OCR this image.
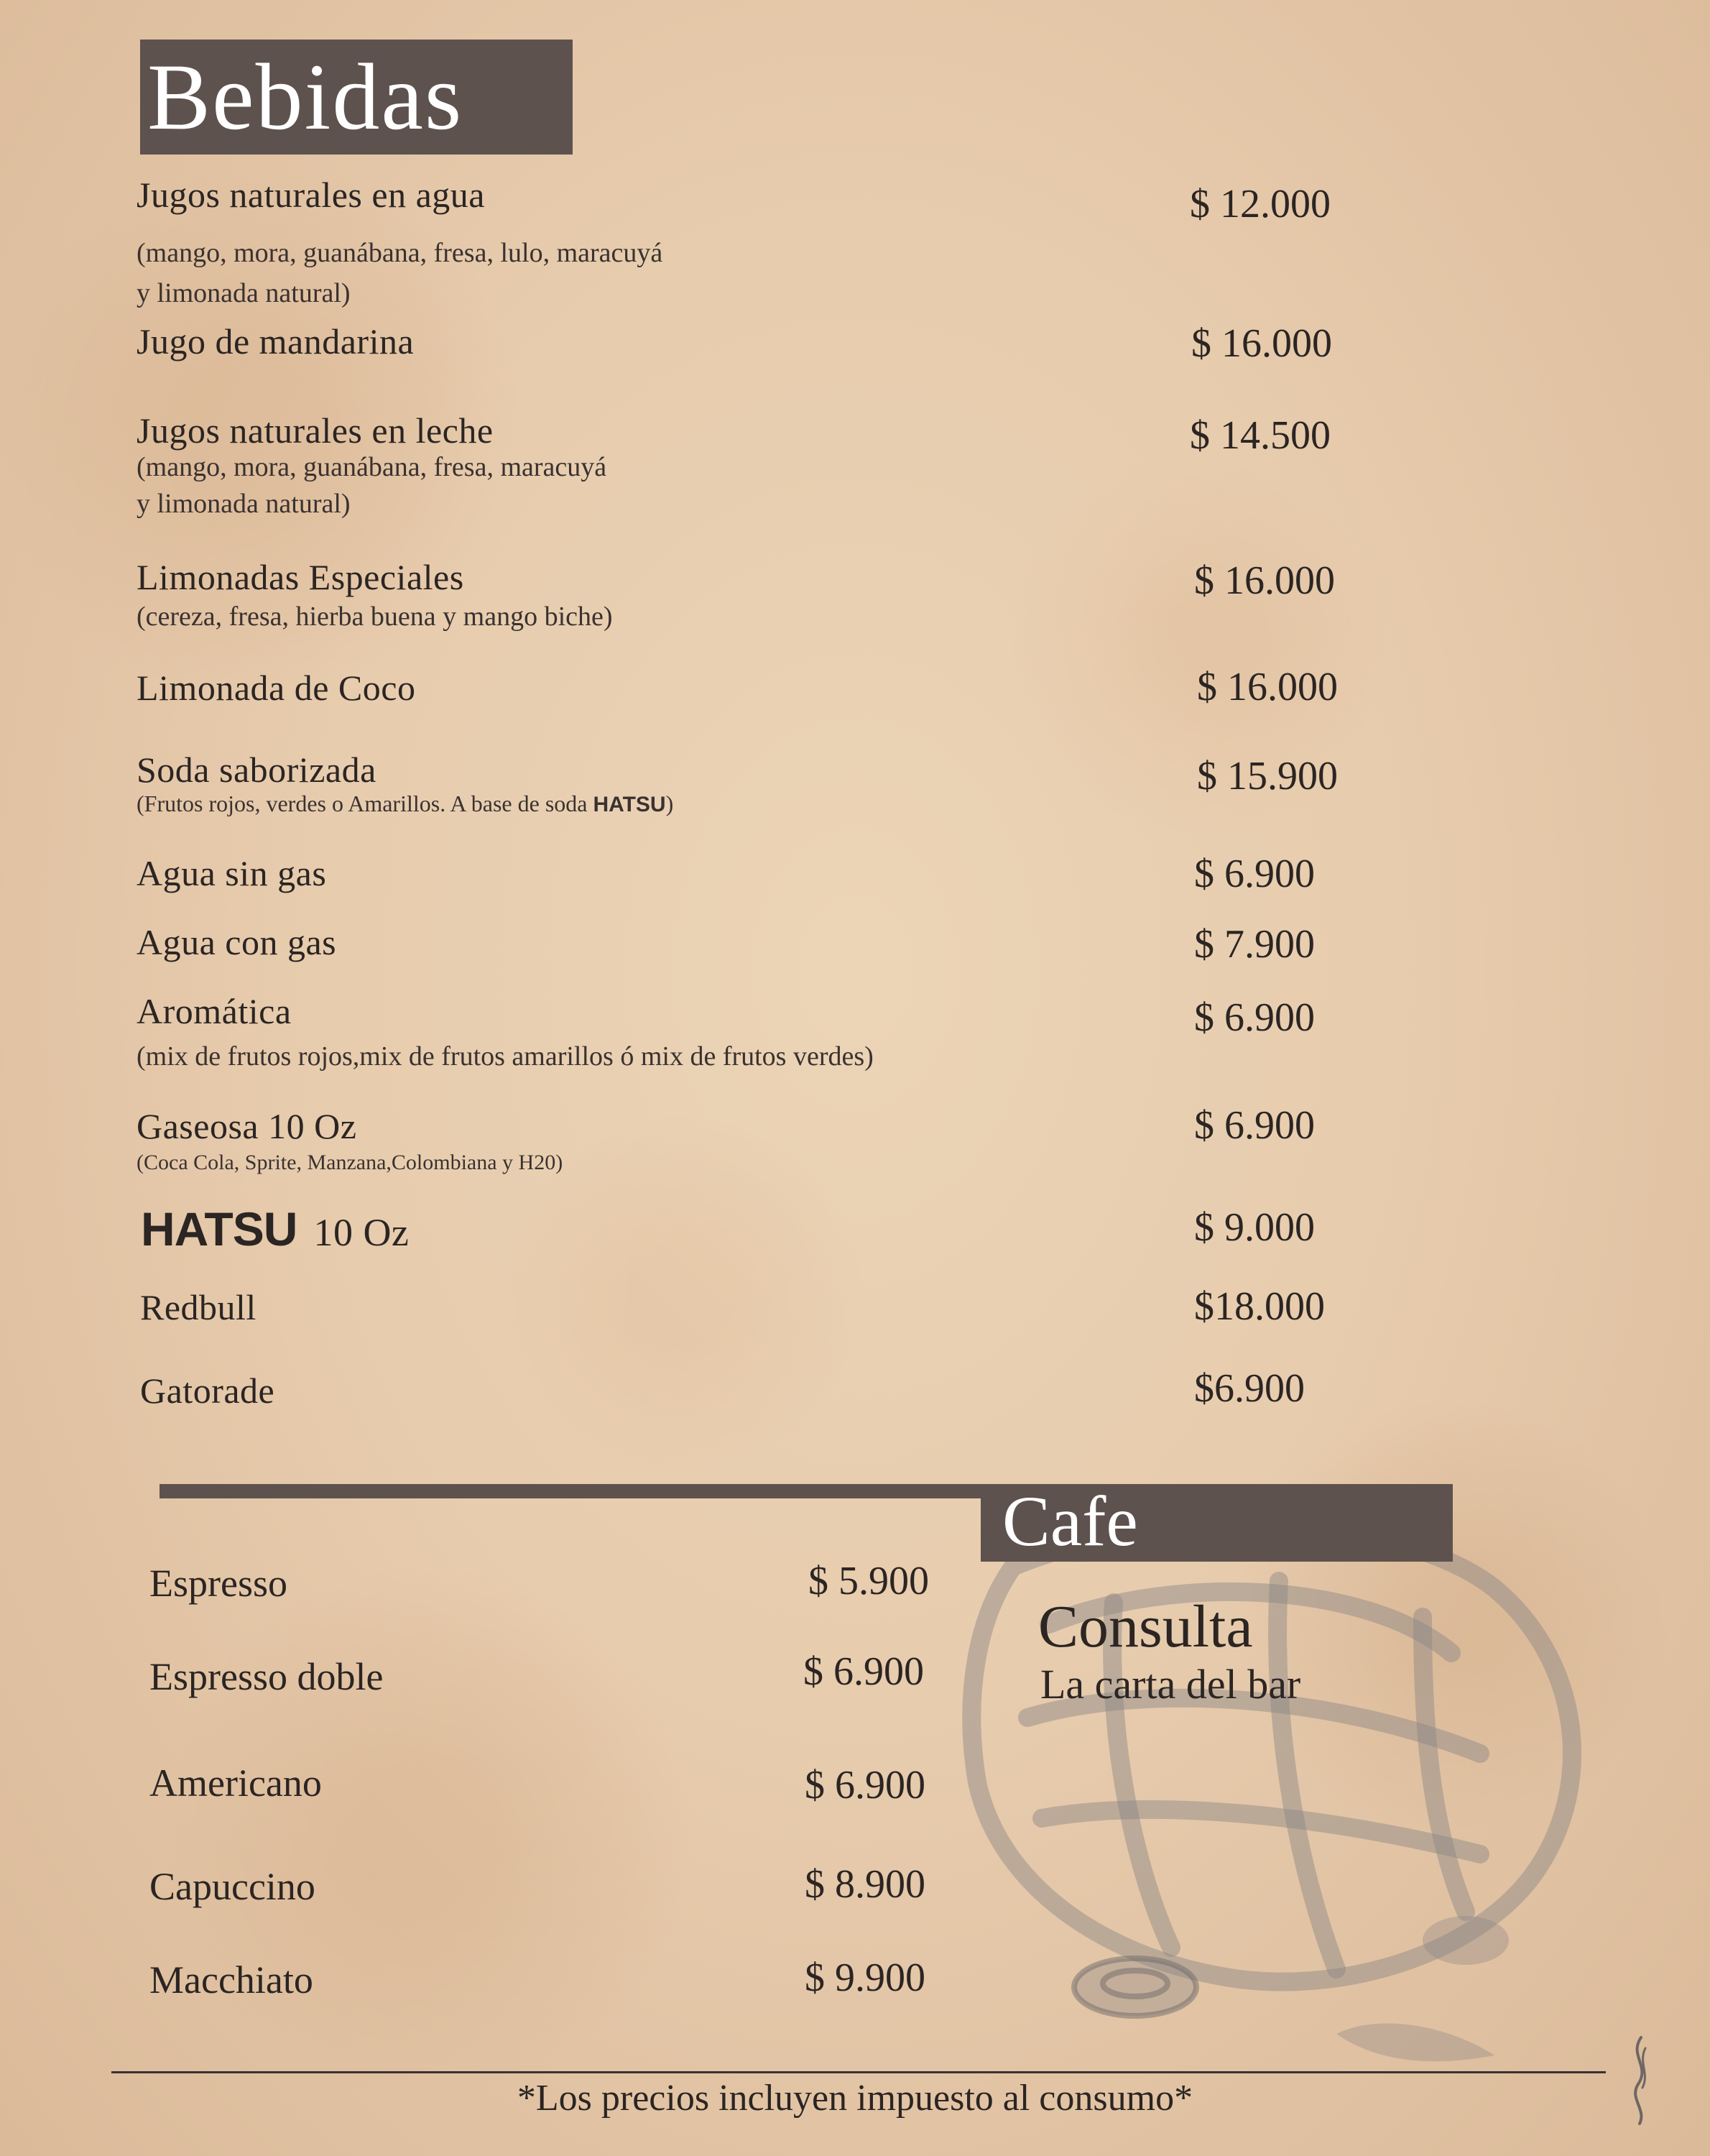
Bebidas
Jugos naturales en agua
(mango, mora, guanábana, fresa, lulo, maracuyá
y limonada natural)
$ 12.000
Jugo de mandarina	$ 16.000
Jugos naturales en leche
(mango, mora, guanábana, fresa, maracuyá
y limonada natural)
$ 14.500
Limonadas Especiales
(cereza, fresa, hierba buena y mango biche)
$ 16.000
Limonada de Coco	$ 16.000
Soda saborizada
(Frutos rojos, verdes o Amarillos. A base de soda HATSU)
$ 15.900
Agua sin gas	$ 6.900
Agua con gas	$ 7.900
Aromática
(mix de frutos rojos,mix de frutos amarillos ó mix de frutos verdes)
$ 6.900
Gaseosa 10 Oz
(Coca Cola, Sprite, Manzana,Colombiana y H20)
$ 6.900
HATSU 10 Oz	$ 9.000
Redbull	$18.000
Gatorade	$6.900
Cafe
Espresso	$ 5.900
Espresso doble	$ 6.900
Americano	$ 6.900
Capuccino	$ 8.900
Macchiato	$ 9.900
Consulta
La carta del bar
*Los precios incluyen impuesto al consumo*
